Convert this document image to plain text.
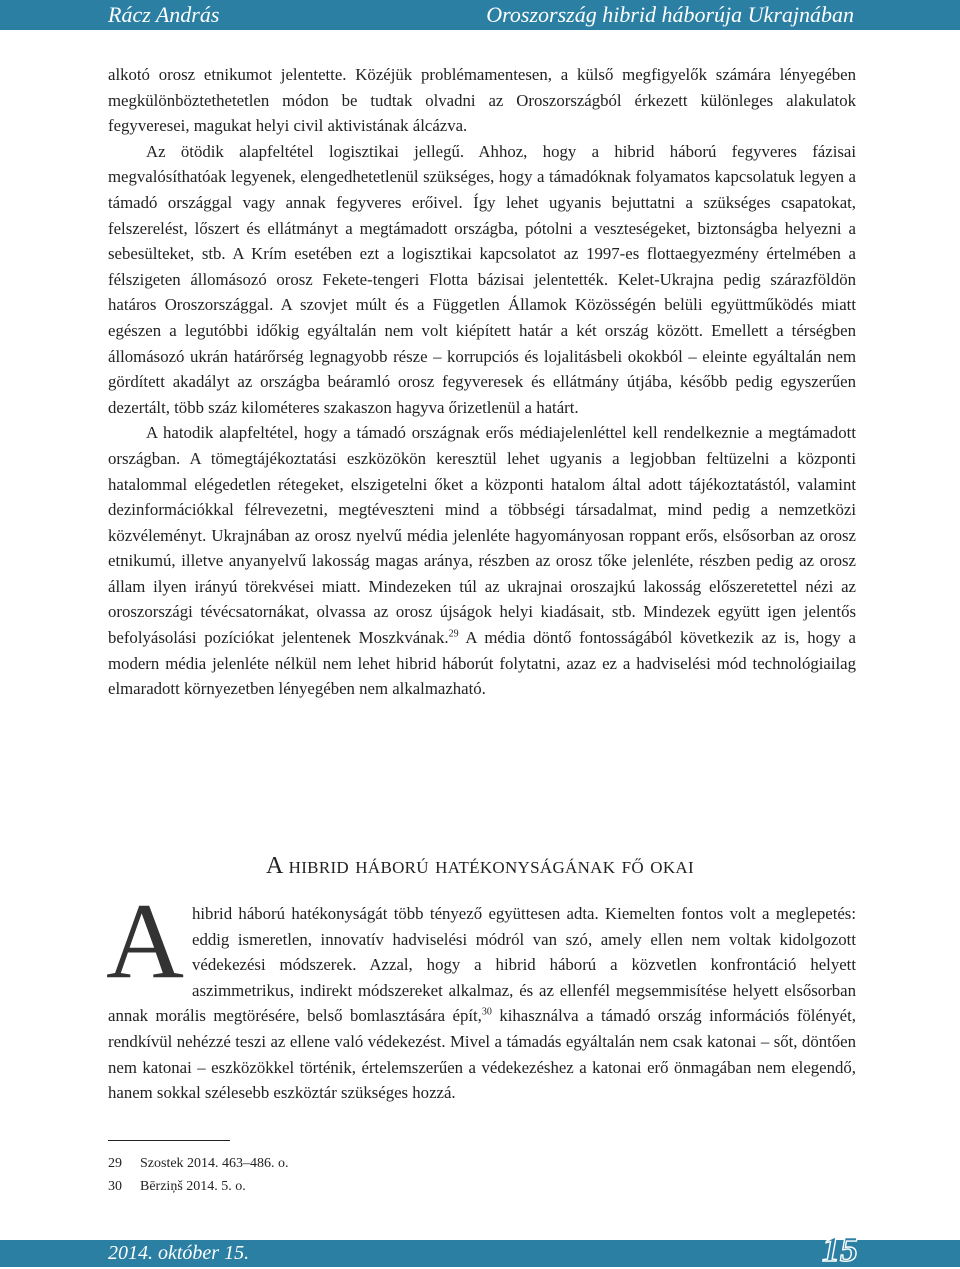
Rácz András	Oroszország hibrid háborúja Ukrajnában

alkotó orosz etnikumot jelentette. Közéjük problémamentesen, a külső megfigyelők számára lényegében megkülönböztethetetlen módon be tudtak olvadni az Oroszországból érkezett különleges alakulatok fegyveresei, magukat helyi civil aktivistának álcázva.

Az ötödik alapfeltétel logisztikai jellegű. Ahhoz, hogy a hibrid háború fegyveres fázisai megvalósíthatóak legyenek, elengedhetetlenül szükséges, hogy a támadóknak folyamatos kapcsolatuk legyen a támadó országgal vagy annak fegyveres erőivel. Így lehet ugyanis bejuttatni a szükséges csapatokat, felszerelést, lőszert és ellátmányt a megtámadott országba, pótolni a veszteségeket, biztonságba helyezni a sebesülteket, stb. A Krím esetében ezt a logisztikai kapcsolatot az 1997-es flottaegyezmény értelmében a félszigeten állomásozó orosz Fekete-tengeri Flotta bázisai jelentették. Kelet-Ukrajna pedig szárazföldön határos Oroszországgal. A szovjet múlt és a Független Államok Közösségén belüli együttműködés miatt egészen a legutóbbi időkig egyáltalán nem volt kiépített határ a két ország között. Emellett a térségben állomásozó ukrán határőrség legnagyobb része – korrupciós és lojalitásbeli okokból – eleinte egyáltalán nem gördített akadályt az országba beáramló orosz fegyveresek és ellátmány útjába, később pedig egyszerűen dezertált, több száz kilométeres szakaszon hagyva őrizetlenül a határt.

A hatodik alapfeltétel, hogy a támadó országnak erős médiajelenléttel kell rendelkeznie a megtámadott országban. A tömegtájékoztatási eszközökön keresztül lehet ugyanis a legjobban feltüzelni a központi hatalommal elégedetlen rétegeket, elszigetelni őket a központi hatalom által adott tájékoztatástól, valamint dezinformációkkal félrevezetni, megtéveszteni mind a többségi társadalmat, mind pedig a nemzetközi közvéleményt. Ukrajnában az orosz nyelvű média jelenléte hagyományosan roppant erős, elsősorban az orosz etnikumú, illetve anyanyelvű lakosság magas aránya, részben az orosz tőke jelenléte, részben pedig az orosz állam ilyen irányú törekvései miatt. Mindezeken túl az ukrajnai oroszajkú lakosság előszeretettel nézi az oroszországi tévécsatornákat, olvassa az orosz újságok helyi kiadásait, stb. Mindezek együtt igen jelentős befolyásolási pozíciókat jelentenek Moszkvának.$^{29}$ A média döntő fontosságából következik az is, hogy a modern média jelenléte nélkül nem lehet hibrid háborút folytatni, azaz ez a hadviselési mód technológiailag elmaradott környezetben lényegében nem alkalmazható.

A hibrid háború hatékonyságának fő okai
Ahibrid háború hatékonyságát több tényező együttesen adta. Kiemelten fontos volt a meglepetés: eddig ismeretlen, innovatív hadviselési módról van szó, amely ellen nem voltak kidolgozott védekezési módszerek. Azzal, hogy a hibrid háború a közvetlen konfrontáció helyett aszimmetrikus, indirekt módszereket alkalmaz, és az ellenfél megsemmisítése helyett elsősorban annak morális megtörésére, belső bomlasztására épít,$^{30}$ kihasználva a támadó ország információs fölényét, rendkívül nehézzé teszi az ellene való védekezést. Mivel a támadás egyáltalán nem csak katonai – sőt, döntően nem katonai – eszközökkel történik, értelemszerűen a védekezéshez a katonai erő önmagában nem elegendő, hanem sokkal szélesebb eszköztár szükséges hozzá.
29 Szostek 2014. 463–486. o.
30 Bērziņš 2014. 5. o.
2014. október 15.	15
